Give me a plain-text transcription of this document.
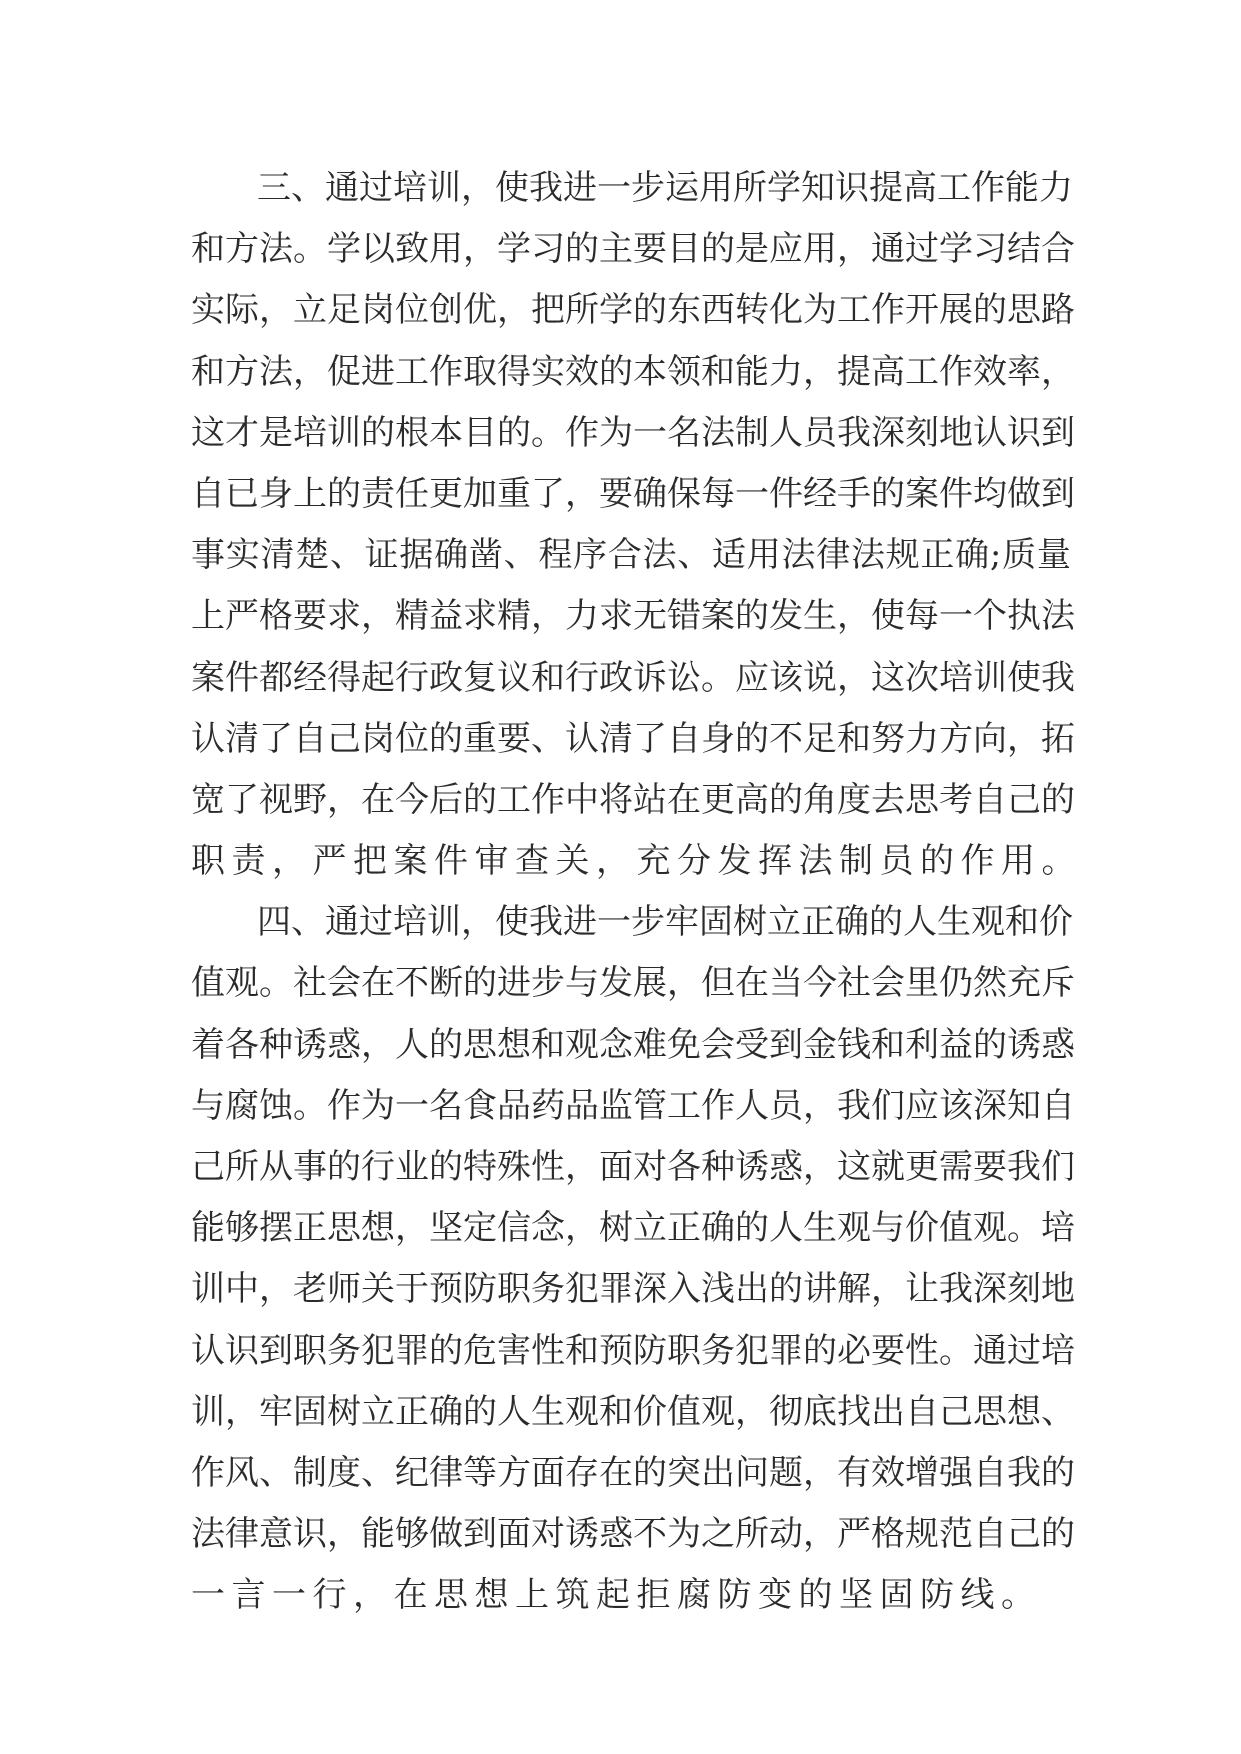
三 、 通 过 培 训 ， 使 我 进 一 步 运 用 所 学 知 识 提 高 工 作 能 力
和 方 法 。 学 以 致 用 ， 学 习 的 主 要 目 的 是 应 用 ， 通 过 学 习 结 合
实 际 ， 立 足 岗 位 创 优 ， 把 所 学 的 东 西 转 化 为 工 作 开 展 的 思 路
和 方 法 ， 促 进 工 作 取 得 实 效 的 本 领 和 能 力 ， 提 高 工 作 效 率 ，
这 才 是 培 训 的 根 本 目 的 。 作 为 一 名 法 制 人 员 我 深 刻 地 认 识 到
自 已 身 上 的 责 任 更 加 重 了 ， 要 确 保 每 一 件 经 手 的 案 件 均 做 到
事 实 清 楚 、 证 据 确 凿 、 程 序 合 法 、 适 用 法 律 法 规 正 确 ; 质 量
上 严 格 要 求 ， 精 益 求 精 ， 力 求 无 错 案 的 发 生 ， 使 每 一 个 执 法
案 件 都 经 得 起 行 政 复 议 和 行 政 诉 讼 。 应 该 说 ， 这 次 培 训 使 我
认 清 了 自 己 岗 位 的 重 要 、 认 清 了 自 身 的 不 足 和 努 力 方 向 ， 拓
宽 了 视 野 ， 在 今 后 的 工 作 中 将 站 在 更 高 的 角 度 去 思 考 自 己 的
职责，严把案件审查关，充分发挥法制员的作用。
四 、 通 过 培 训 ， 使 我 进 一 步 牢 固 树 立 正 确 的 人 生 观 和 价
值 观 。 社 会 在 不 断 的 进 步 与 发 展 ， 但 在 当 今 社 会 里 仍 然 充 斥
着 各 种 诱 惑 ， 人 的 思 想 和 观 念 难 免 会 受 到 金 钱 和 利 益 的 诱 惑
与 腐 蚀 。 作 为 一 名 食 品 药 品 监 管 工 作 人 员 ， 我 们 应 该 深 知 自
己 所 从 事 的 行 业 的 特 殊 性 ， 面 对 各 种 诱 惑 ， 这 就 更 需 要 我 们
能 够 摆 正 思 想 ， 坚 定 信 念 ， 树 立 正 确 的 人 生 观 与 价 值 观 。 培
训 中 ， 老 师 关 于 预 防 职 务 犯 罪 深 入 浅 出 的 讲 解 ， 让 我 深 刻 地
认 识 到 职 务 犯 罪 的 危 害 性 和 预 防 职 务 犯 罪 的 必 要 性 。 通 过 培
训 ， 牢 固 树 立 正 确 的 人 生 观 和 价 值 观 ， 彻 底 找 出 自 己 思 想 、
作 风 、 制 度 、 纪 律 等 方 面 存 在 的 突 出 问 题 ， 有 效 增 强 自 我 的
法 律 意 识 ， 能 够 做 到 面 对 诱 惑 不 为 之 所 动 ， 严 格 规 范 自 己 的
一言一行，在思想上筑起拒腐防变的坚固防线。
